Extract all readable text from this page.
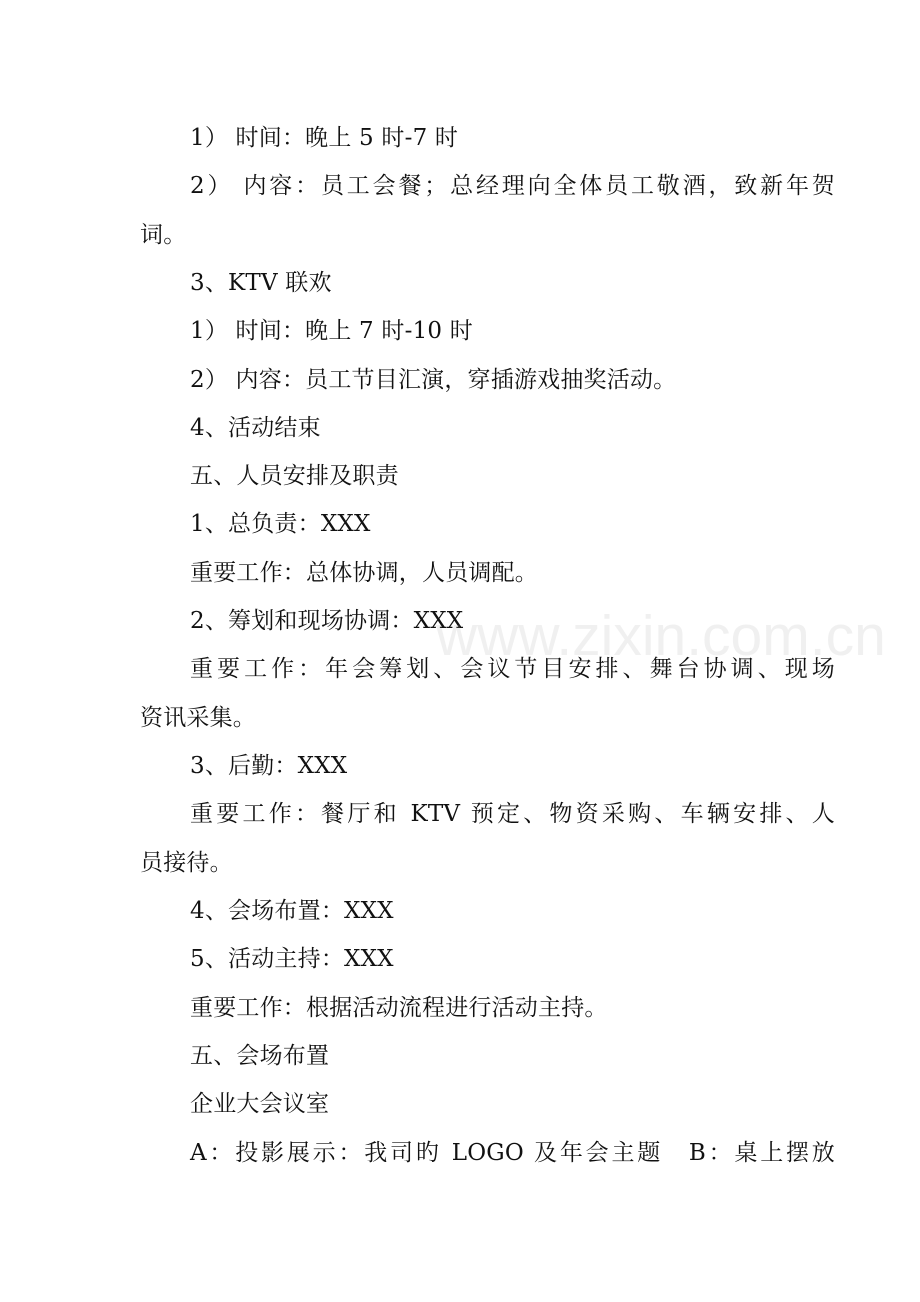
1） 时间：晚上 5 时-7 时
2） 内容：员工会餐；总经理向全体员工敬酒，致新年贺
词。
3、KTV 联欢
1） 时间：晚上 7 时-10 时
2） 内容：员工节目汇演，穿插游戏抽奖活动。
4、活动结束
五、人员安排及职责
1、总负责：XXX
重要工作：总体协调，人员调配。
2、筹划和现场协调：XXX
重要工作：年会筹划、会议节目安排、舞台协调、现场
资讯采集。
3、后勤：XXX
重要工作：餐厅和 KTV 预定、物资采购、车辆安排、人
员接待。
4、会场布置：XXX
5、活动主持：XXX
重要工作：根据活动流程进行活动主持。
五、会场布置
企业大会议室
A：投影展示：我司旳 LOGO 及年会主题　B：桌上摆放
www.zixin.com.cn
